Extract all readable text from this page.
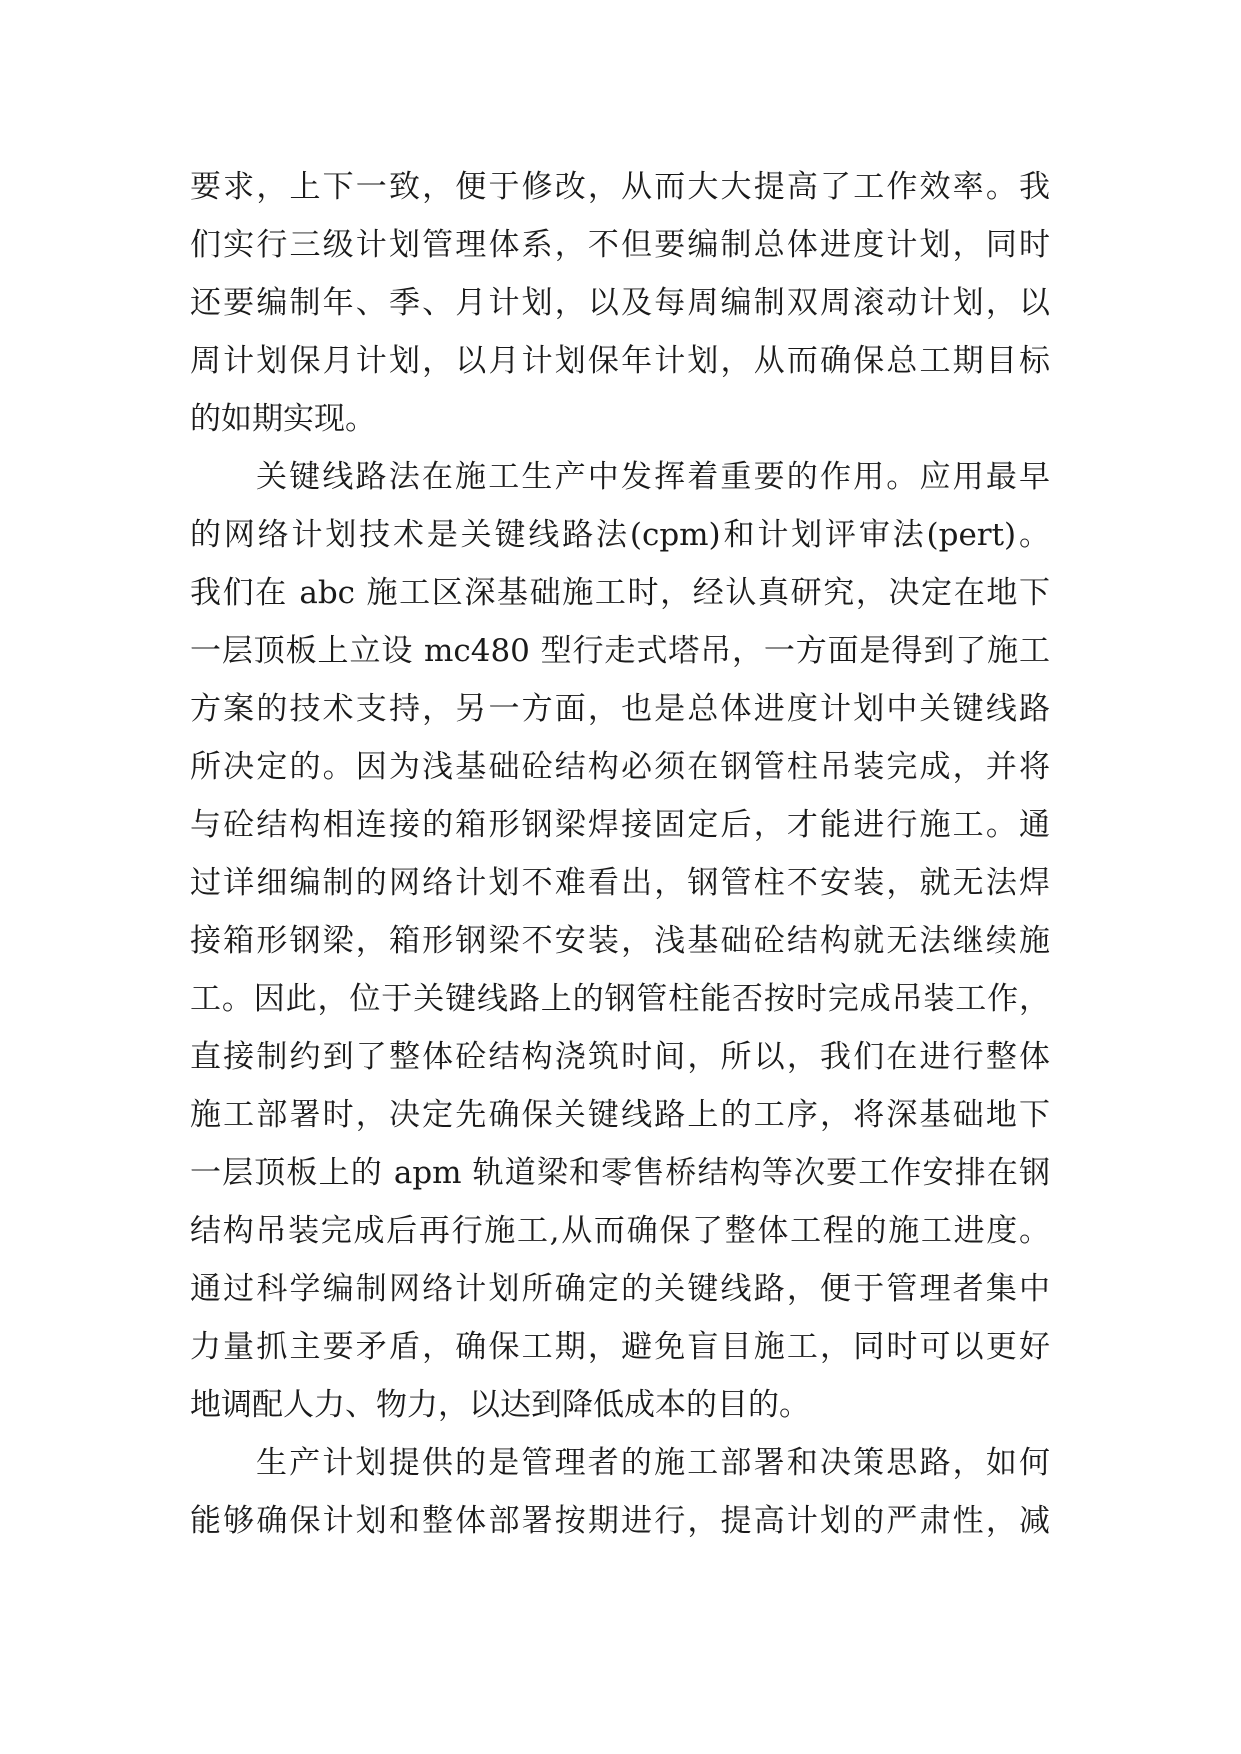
要求，上下一致，便于修改，从而大大提高了工作效率。我
们实行三级计划管理体系，不但要编制总体进度计划，同时
还要编制年、季、月计划，以及每周编制双周滚动计划，以
周计划保月计划，以月计划保年计划，从而确保总工期目标
的如期实现。
关键线路法在施工生产中发挥着重要的作用。应用最早
的网络计划技术是关键线路法(cpm)和计划评审法(pert)。
我们在 abc 施工区深基础施工时，经认真研究，决定在地下
一层顶板上立设 mc480 型行走式塔吊，一方面是得到了施工
方案的技术支持，另一方面，也是总体进度计划中关键线路
所决定的。因为浅基础砼结构必须在钢管柱吊装完成，并将
与砼结构相连接的箱形钢梁焊接固定后，才能进行施工。通
过详细编制的网络计划不难看出，钢管柱不安装，就无法焊
接箱形钢梁，箱形钢梁不安装，浅基础砼结构就无法继续施
工。因此，位于关键线路上的钢管柱能否按时完成吊装工作，
直接制约到了整体砼结构浇筑时间，所以，我们在进行整体
施工部署时，决定先确保关键线路上的工序，将深基础地下
一层顶板上的 apm 轨道梁和零售桥结构等次要工作安排在钢
结构吊装完成后再行施工,从而确保了整体工程的施工进度。
通过科学编制网络计划所确定的关键线路，便于管理者集中
力量抓主要矛盾，确保工期，避免盲目施工，同时可以更好
地调配人力、物力，以达到降低成本的目的。
生产计划提供的是管理者的施工部署和决策思路，如何
能够确保计划和整体部署按期进行，提高计划的严肃性，减
